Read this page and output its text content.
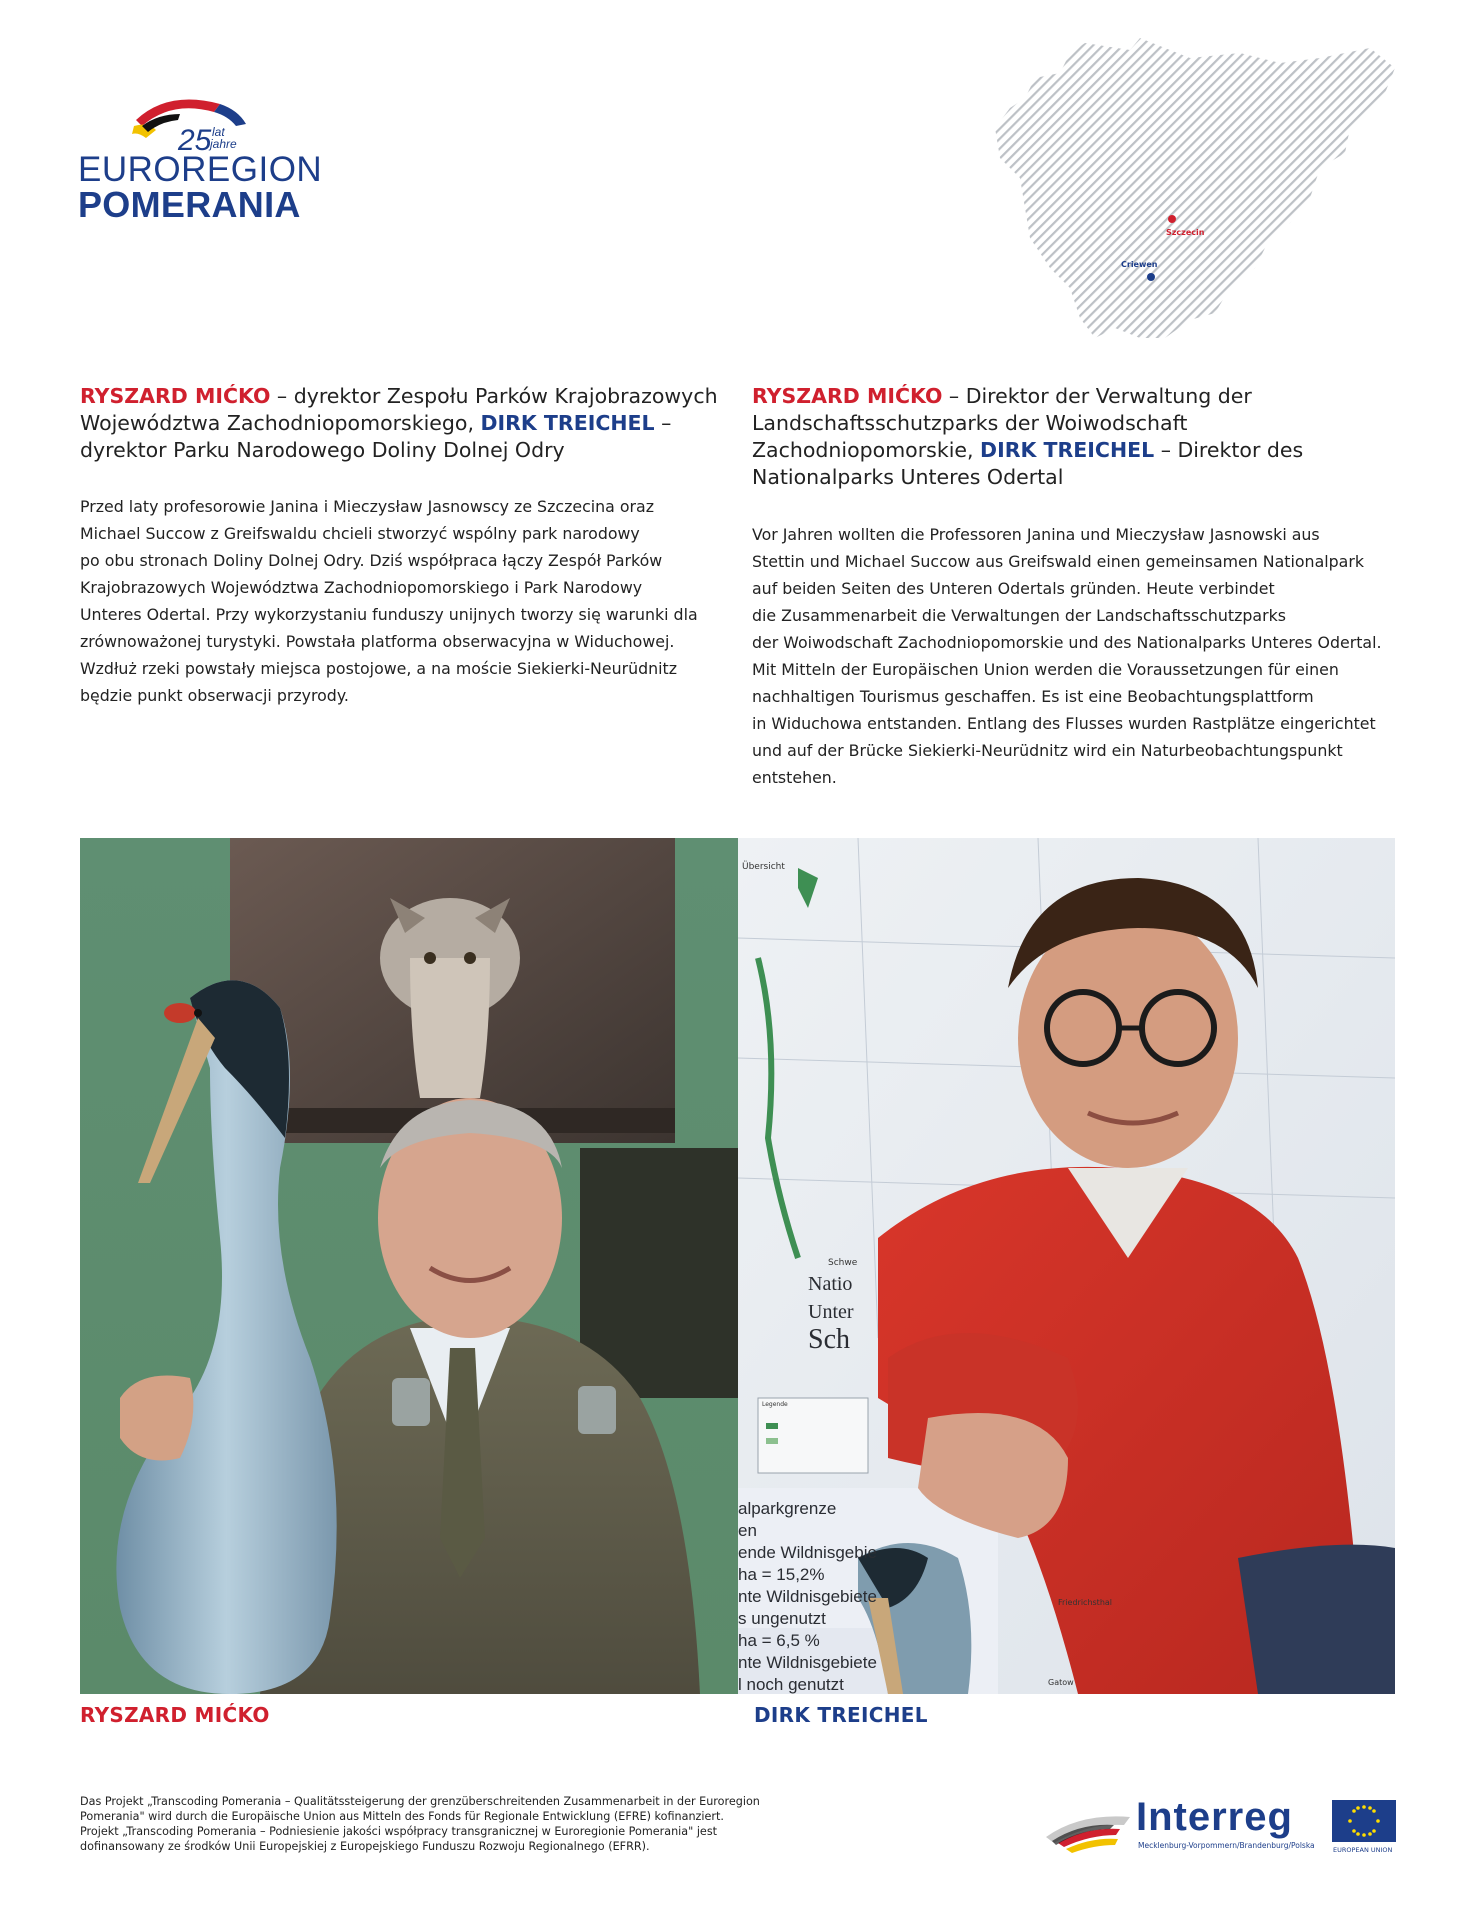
25 lat
jahre
EUROREGION
POMERANIA
Szczecin
Criewen
RYSZARD MIĆKO – dyrektor Zespołu Parków Krajobrazowych Województwa Zachodniopomorskiego, DIRK TREICHEL – dyrektor Parku Narodowego Doliny Dolnej Odry
RYSZARD MIĆKO – Direktor der Verwaltung der Landschaftsschutzparks der Woiwodschaft Zachodniopomorskie, DIRK TREICHEL – Direktor des Nationalparks Unteres Odertal
Przed laty profesorowie Janina i Mieczysław Jasnowscy ze Szczecina oraz
Michael Succow z Greifswaldu chcieli stworzyć wspólny park narodowy
po obu stronach Doliny Dolnej Odry. Dziś współpraca łączy Zespół Parków
Krajobrazowych Województwa Zachodniopomorskiego i Park Narodowy
Unteres Odertal. Przy wykorzystaniu funduszy unijnych tworzy się warunki dla
zrównoważonej turystyki. Powstała platforma obserwacyjna w Widuchowej.
Wzdłuż rzeki powstały miejsca postojowe, a na moście Siekierki-Neurüdnitz
będzie punkt obserwacji przyrody.
Vor Jahren wollten die Professoren Janina und Mieczysław Jasnowski aus
Stettin und Michael Succow aus Greifswald einen gemeinsamen Nationalpark
auf beiden Seiten des Unteren Odertals gründen. Heute verbindet
die Zusammenarbeit die Verwaltungen der Landschaftsschutzparks
der Woiwodschaft Zachodniopomorskie und des Nationalparks Unteres Odertal.
Mit Mitteln der Europäischen Union werden die Voraussetzungen für einen
nachhaltigen Tourismus geschaffen. Es ist eine Beobachtungsplattform
in Widuchowa entstanden. Entlang des Flusses wurden Rastplätze eingerichtet
und auf der Brücke Siekierki-Neurüdnitz wird ein Naturbeobachtungspunkt
entstehen.
Natio
Unter
Sch
alparkgrenze
en
ende Wildnisgebie
ha = 15,2%
nte Wildnisgebiete
s ungenutzt
ha = 6,5 %
nte Wildnisgebiete
l noch genutzt
Übersicht
Legende
Friedrichsthal
Gatow
Schwe
RYSZARD MIĆKO	DIRK TREICHEL
Das Projekt „Transcoding Pomerania – Qualitätssteigerung der grenzüberschreitenden Zusammenarbeit in der Euroregion
Pomerania" wird durch die Europäische Union aus Mitteln des Fonds für Regionale Entwicklung (EFRE) kofinanziert.
Projekt „Transcoding Pomerania – Podniesienie jakości współpracy transgranicznej w Euroregionie Pomerania" jest
dofinansowany ze środków Unii Europejskiej z Europejskiego Funduszu Rozwoju Regionalnego (EFRR).
Interreg
Mecklenburg-Vorpommern/Brandenburg/Polska	EUROPEAN UNION
